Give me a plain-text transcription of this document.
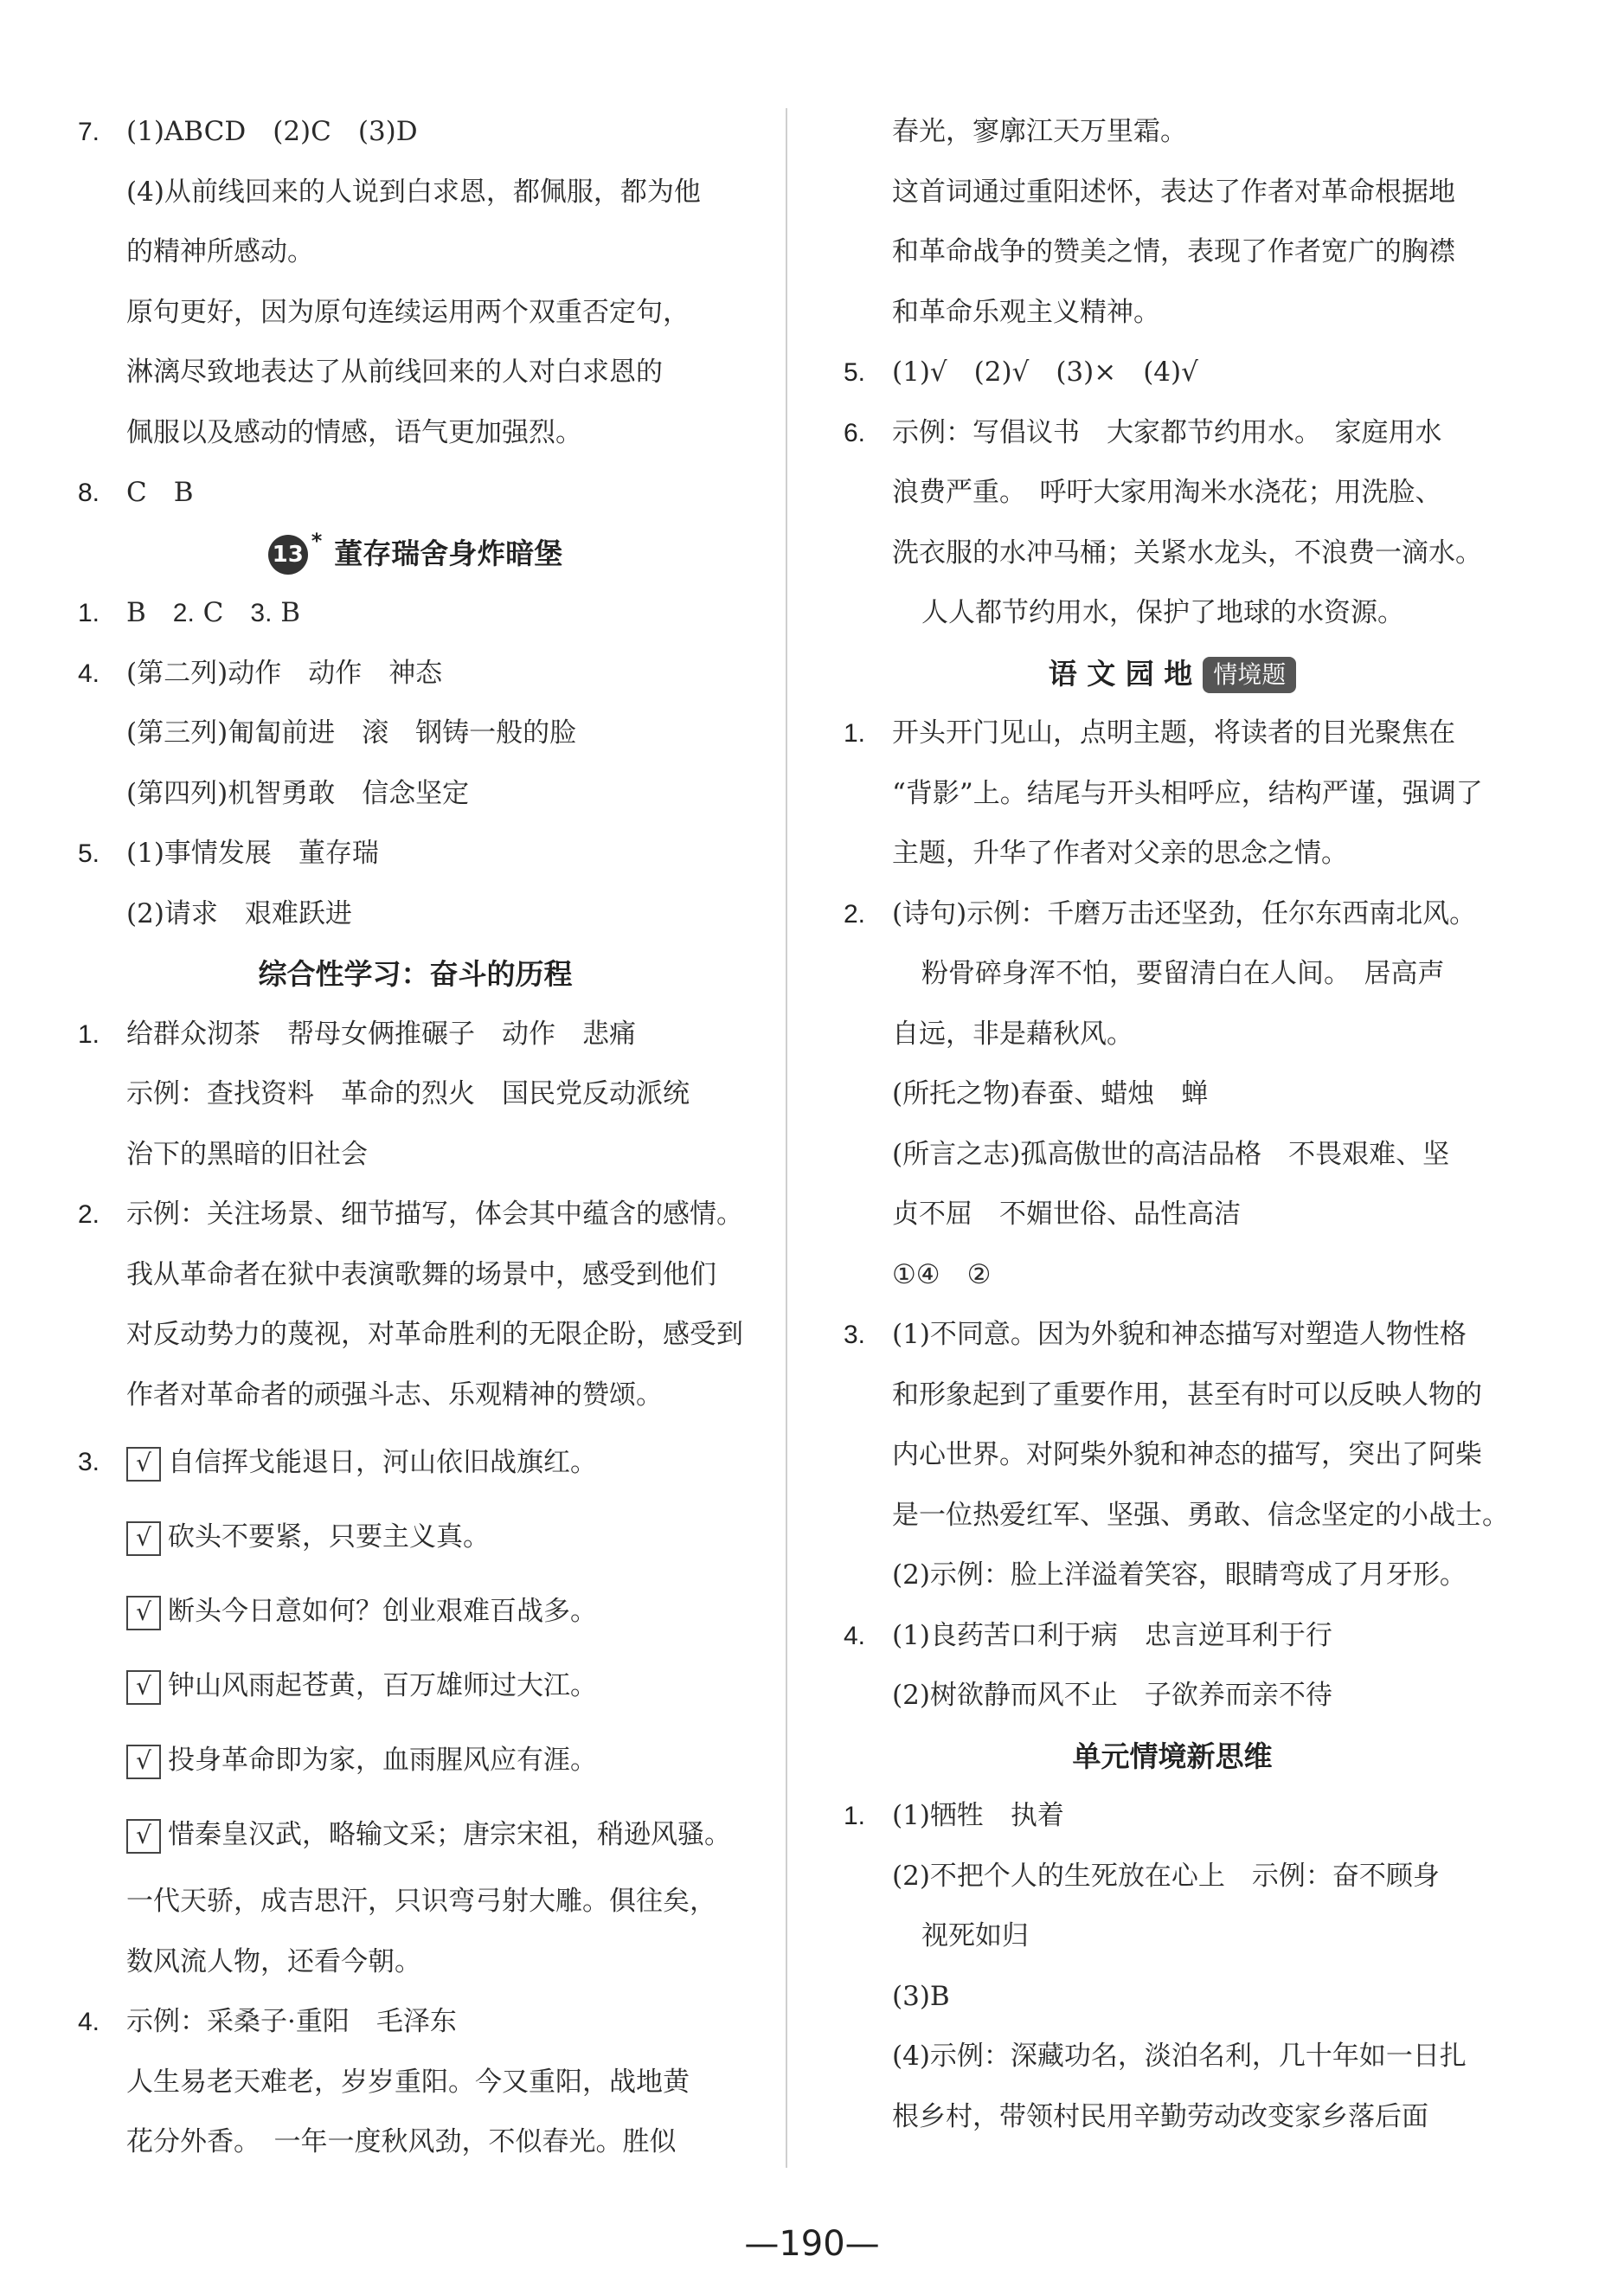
7. (1)ABCD　(2)C　(3)D
(4)从前线回来的人说到白求恩，都佩服，都为他
的精神所感动。
原句更好，因为原句连续运用两个双重否定句，
淋漓尽致地表达了从前线回来的人对白求恩的
佩服以及感动的情感，语气更加强烈。
8. C　B
13* 董存瑞舍身炸暗堡
1. B　2. C　3. B
4. (第二列)动作　动作　神态
(第三列)匍匐前进　滚　钢铸一般的脸
(第四列)机智勇敢　信念坚定
5. (1)事情发展　董存瑞
(2)请求　艰难跃进
综合性学习：奋斗的历程
1. 给群众沏茶　帮母女俩推碾子　动作　悲痛
示例：查找资料　革命的烈火　国民党反动派统
治下的黑暗的旧社会
2. 示例：关注场景、细节描写，体会其中蕴含的感情。
我从革命者在狱中表演歌舞的场景中，感受到他们
对反动势力的蔑视，对革命胜利的无限企盼，感受到
作者对革命者的顽强斗志、乐观精神的赞颂。
3.	√ 自信挥戈能退日，河山依旧战旗红。
√ 砍头不要紧，只要主义真。
√ 断头今日意如何？创业艰难百战多。
√ 钟山风雨起苍黄，百万雄师过大江。
√ 投身革命即为家，血雨腥风应有涯。
√ 惜秦皇汉武，略输文采；唐宗宋祖，稍逊风骚。
一代天骄，成吉思汗，只识弯弓射大雕。俱往矣，
数风流人物，还看今朝。
4. 示例：采桑子·重阳　毛泽东
人生易老天难老，岁岁重阳。今又重阳，战地黄
花分外香。　一年一度秋风劲，不似春光。胜似
春光，寥廓江天万里霜。
这首词通过重阳述怀，表达了作者对革命根据地
和革命战争的赞美之情，表现了作者宽广的胸襟
和革命乐观主义精神。
5. (1)√　(2)√　(3)×　(4)√
6. 示例：写倡议书　大家都节约用水。　家庭用水
浪费严重。　呼吁大家用淘米水浇花；用洗脸、
洗衣服的水冲马桶；关紧水龙头，不浪费一滴水。
人人都节约用水，保护了地球的水资源。
语 文 园 地 情境题
1. 开头开门见山，点明主题，将读者的目光聚焦在
“背影”上。结尾与开头相呼应，结构严谨，强调了
主题，升华了作者对父亲的思念之情。
2. (诗句)示例：千磨万击还坚劲，任尔东西南北风。
粉骨碎身浑不怕，要留清白在人间。　居高声
自远，非是藉秋风。
(所托之物)春蚕、蜡烛　蝉
(所言之志)孤高傲世的高洁品格　不畏艰难、坚
贞不屈　不媚世俗、品性高洁
①④　②
3. (1)不同意。因为外貌和神态描写对塑造人物性格
和形象起到了重要作用，甚至有时可以反映人物的
内心世界。对阿柴外貌和神态的描写，突出了阿柴
是一位热爱红军、坚强、勇敢、信念坚定的小战士。
(2)示例：脸上洋溢着笑容，眼睛弯成了月牙形。
4. (1)良药苦口利于病　忠言逆耳利于行
(2)树欲静而风不止　子欲养而亲不待
单元情境新思维
1. (1)牺牲　执着
(2)不把个人的生死放在心上　示例：奋不顾身
视死如归
(3)B
(4)示例：深藏功名，淡泊名利，几十年如一日扎
根乡村，带领村民用辛勤劳动改变家乡落后面
—190—
